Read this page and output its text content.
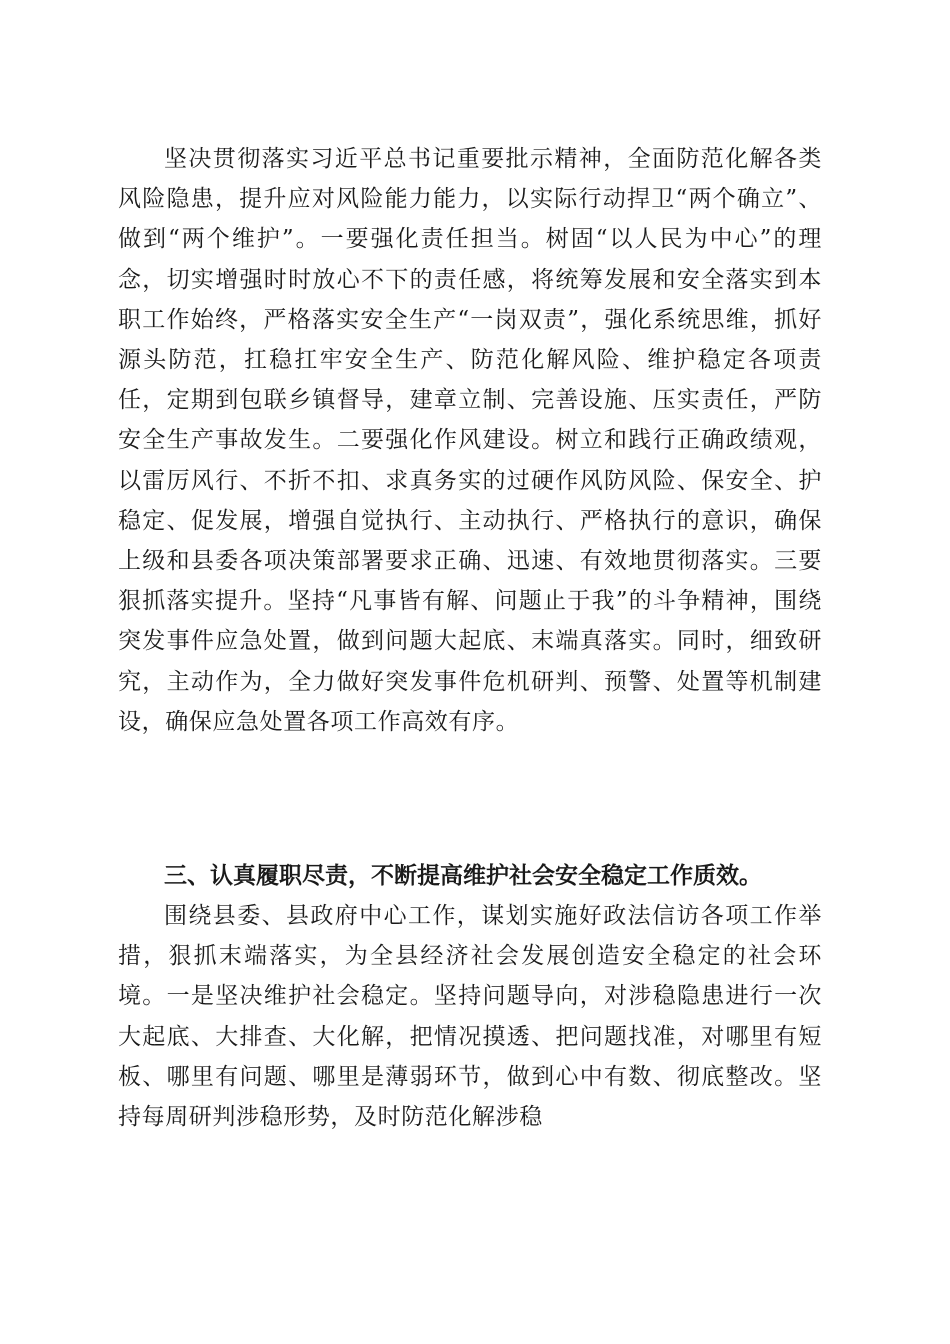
坚决贯彻落实习近平总书记重要批示精神，全面防范化解各类风险隐患，提升应对风险能力能力，以实际行动捍卫“两个确立”、做到“两个维护”。一要强化责任担当。树固“以人民为中心”的理念，切实增强时时放心不下的责任感，将统筹发展和安全落实到本职工作始终，严格落实安全生产“一岗双责”，强化系统思维，抓好源头防范，扛稳扛牢安全生产、防范化解风险、维护稳定各项责任，定期到包联乡镇督导，建章立制、完善设施、压实责任，严防安全生产事故发生。二要强化作风建设。树立和践行正确政绩观，以雷厉风行、不折不扣、求真务实的过硬作风防风险、保安全、护稳定、促发展，增强自觉执行、主动执行、严格执行的意识，确保上级和县委各项决策部署要求正确、迅速、有效地贯彻落实。三要狠抓落实提升。坚持“凡事皆有解、问题止于我”的斗争精神，围绕突发事件应急处置，做到问题大起底、末端真落实。同时，细致研究，主动作为，全力做好突发事件危机研判、预警、处置等机制建设，确保应急处置各项工作高效有序。

三、认真履职尽责，不断提高维护社会安全稳定工作质效。

围绕县委、县政府中心工作，谋划实施好政法信访各项工作举措，狠抓末端落实，为全县经济社会发展创造安全稳定的社会环境。一是坚决维护社会稳定。坚持问题导向，对涉稳隐患进行一次大起底、大排查、大化解，把情况摸透、把问题找准，对哪里有短板、哪里有问题、哪里是薄弱环节，做到心中有数、彻底整改。坚持每周研判涉稳形势，及时防范化解涉稳
